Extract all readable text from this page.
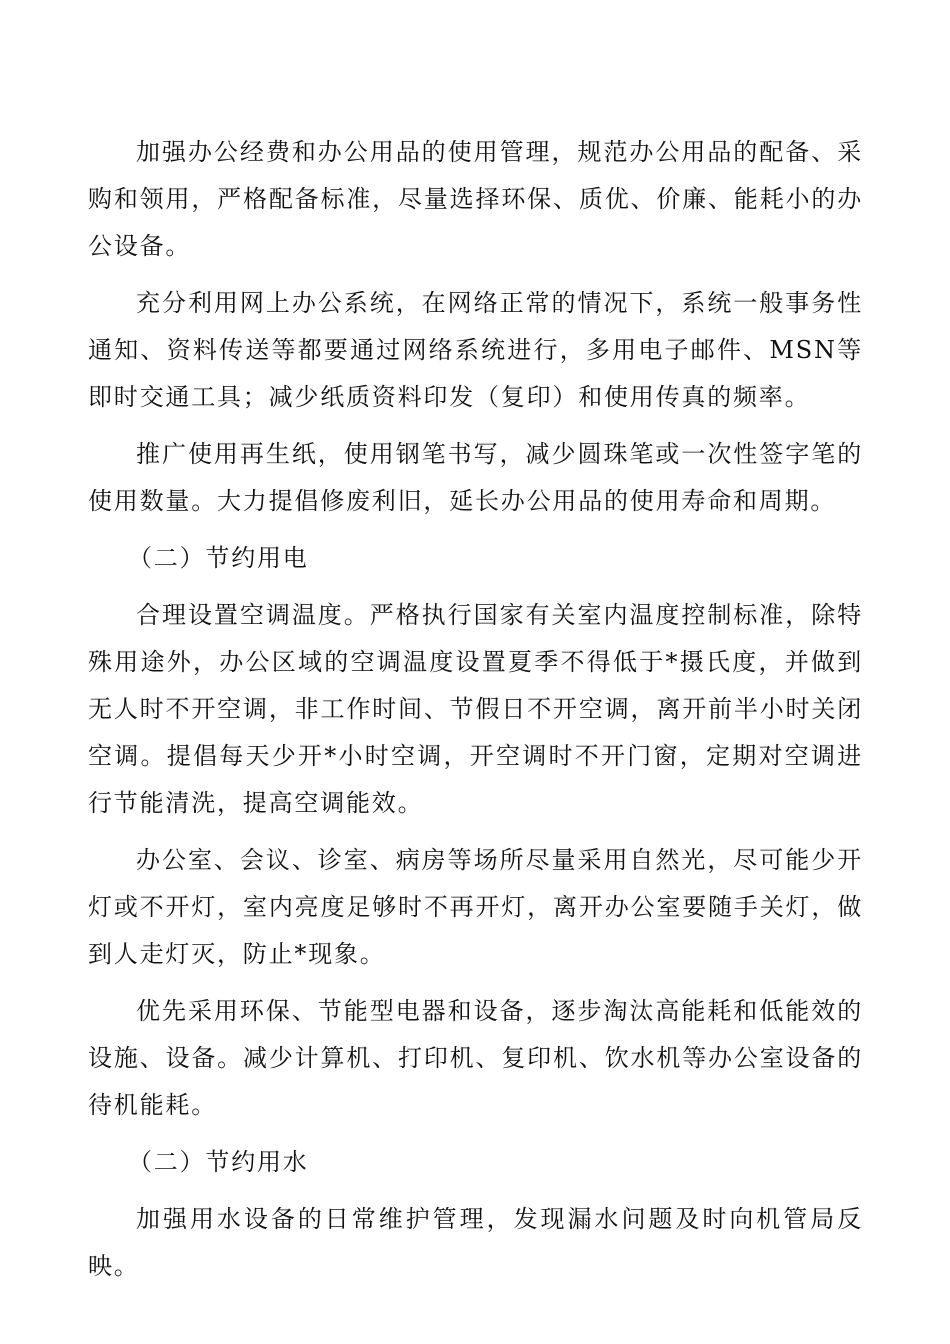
加强办公经费和办公用品的使用管理，规范办公用品的配备、采购和领用，严格配备标准，尽量选择环保、质优、价廉、能耗小的办公设备。

充分利用网上办公系统，在网络正常的情况下，系统一般事务性通知、资料传送等都要通过网络系统进行，多用电子邮件、MSN等即时交通工具；减少纸质资料印发（复印）和使用传真的频率。

推广使用再生纸，使用钢笔书写，减少圆珠笔或一次性签字笔的使用数量。大力提倡修废利旧，延长办公用品的使用寿命和周期。

（二）节约用电

合理设置空调温度。严格执行国家有关室内温度控制标准，除特殊用途外，办公区域的空调温度设置夏季不得低于*摄氏度，并做到无人时不开空调，非工作时间、节假日不开空调，离开前半小时关闭空调。提倡每天少开*小时空调，开空调时不开门窗，定期对空调进行节能清洗，提高空调能效。

办公室、会议、诊室、病房等场所尽量采用自然光，尽可能少开灯或不开灯，室内亮度足够时不再开灯，离开办公室要随手关灯，做到人走灯灭，防止*现象。

优先采用环保、节能型电器和设备，逐步淘汰高能耗和低能效的设施、设备。减少计算机、打印机、复印机、饮水机等办公室设备的待机能耗。

（二）节约用水

加强用水设备的日常维护管理，发现漏水问题及时向机管局反映。
